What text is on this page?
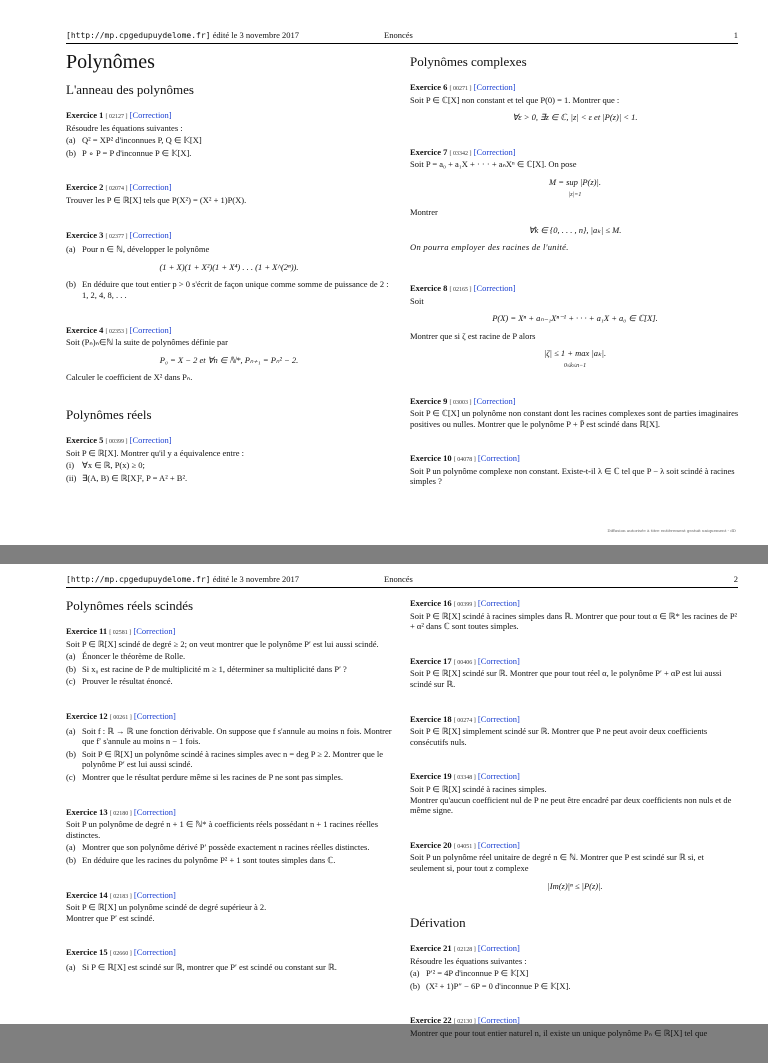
[http://mp.cpgedupuydelome.fr] édité le 3 novembre 2017	Enoncés	1
Polynômes
L'anneau des polynômes
Exercice 1 [ 02127 ] [Correction]
Résoudre les équations suivantes :
(a) Q² = XP² d'inconnues P, Q ∈ 𝕂[X]
(b) P ∘ P = P d'inconnue P ∈ 𝕂[X].
Exercice 2 [ 02074 ] [Correction]
Trouver les P ∈ ℝ[X] tels que P(X²) = (X² + 1)P(X).
Exercice 3 [ 02377 ] [Correction]
(a) Pour n ∈ ℕ, développer le polynôme
(1 + X)(1 + X²)(1 + X⁴) . . . (1 + X^(2ⁿ)).
(b) En déduire que tout entier p > 0 s'écrit de façon unique comme somme de puissance de 2 : 1, 2, 4, 8, . . .
Exercice 4 [ 02353 ] [Correction]
Soit (Pₙ)ₙ∈ℕ la suite de polynômes définie par
P₀ = X − 2 et ∀n ∈ ℕ*, Pₙ₊₁ = Pₙ² − 2.
Calculer le coefficient de X² dans Pₙ.
Polynômes réels
Exercice 5 [ 00399 ] [Correction]
Soit P ∈ ℝ[X]. Montrer qu'il y a équivalence entre :
(i) ∀x ∈ ℝ, P(x) ≥ 0;
(ii) ∃(A, B) ∈ ℝ[X]², P = A² + B².
Polynômes complexes
Exercice 6 [ 00271 ] [Correction]
Soit P ∈ ℂ[X] non constant et tel que P(0) = 1. Montrer que :
∀ε > 0, ∃z ∈ ℂ, |z| < ε et |P(z)| < 1.
Exercice 7 [ 03342 ] [Correction]
Soit P = a₀ + a₁X + · · · + aₙXⁿ ∈ ℂ[X]. On pose
M = sup |P(z)|.
|z|=1
Montrer
∀k ∈ {0, . . . , n}, |aₖ| ≤ M.
On pourra employer des racines de l'unité.
Exercice 8 [ 02165 ] [Correction]
Soit
P(X) = Xⁿ + aₙ₋₁Xⁿ⁻¹ + · · · + a₁X + a₀ ∈ ℂ[X].
Montrer que si ζ est racine de P alors
|ζ| ≤ 1 + max |aₖ|.
0≤k≤n−1
Exercice 9 [ 03003 ] [Correction]
Soit P ∈ ℂ[X] un polynôme non constant dont les racines complexes sont de parties imaginaires positives ou nulles. Montrer que le polynôme P + P̄ est scindé dans ℝ[X].
Exercice 10 [ 04078 ] [Correction]
Soit P un polynôme complexe non constant. Existe-t-il λ ∈ ℂ tel que P − λ soit scindé à racines simples ?
Diffusion autorisée à titre entièrement gratuit uniquement - dD
[http://mp.cpgedupuydelome.fr] édité le 3 novembre 2017	Enoncés	2
Polynômes réels scindés
Exercice 11 [ 02581 ] [Correction]
Soit P ∈ ℝ[X] scindé de degré ≥ 2; on veut montrer que le polynôme P′ est lui aussi scindé.
(a) Énoncer le théorème de Rolle.
(b) Si x₀ est racine de P de multiplicité m ≥ 1, déterminer sa multiplicité dans P′ ?
(c) Prouver le résultat énoncé.
Exercice 12 [ 00261 ] [Correction]
(a) Soit f : ℝ → ℝ une fonction dérivable. On suppose que f s'annule au moins n fois. Montrer que f′ s'annule au moins n − 1 fois.
(b) Soit P ∈ ℝ[X] un polynôme scindé à racines simples avec n = deg P ≥ 2. Montrer que le polynôme P′ est lui aussi scindé.
(c) Montrer que le résultat perdure même si les racines de P ne sont pas simples.
Exercice 13 [ 02180 ] [Correction]
Soit P un polynôme de degré n + 1 ∈ ℕ* à coefficients réels possédant n + 1 racines réelles distinctes.
(a) Montrer que son polynôme dérivé P′ possède exactement n racines réelles distinctes.
(b) En déduire que les racines du polynôme P² + 1 sont toutes simples dans ℂ.
Exercice 14 [ 02183 ] [Correction]
Soit P ∈ ℝ[X] un polynôme scindé de degré supérieur à 2.
Montrer que P′ est scindé.
Exercice 15 [ 02660 ] [Correction]
(a) Si P ∈ ℝ[X] est scindé sur ℝ, montrer que P′ est scindé ou constant sur ℝ.
Exercice 16 [ 00399 ] [Correction]
Soit P ∈ ℝ[X] scindé à racines simples dans ℝ. Montrer que pour tout α ∈ ℝ* les racines de P² + α² dans ℂ sont toutes simples.
Exercice 17 [ 00406 ] [Correction]
Soit P ∈ ℝ[X] scindé sur ℝ. Montrer que pour tout réel α, le polynôme P′ + αP est lui aussi scindé sur ℝ.
Exercice 18 [ 00274 ] [Correction]
Soit P ∈ ℝ[X] simplement scindé sur ℝ. Montrer que P ne peut avoir deux coefficients consécutifs nuls.
Exercice 19 [ 03348 ] [Correction]
Soit P ∈ ℝ[X] scindé à racines simples.
Montrer qu'aucun coefficient nul de P ne peut être encadré par deux coefficients non nuls et de même signe.
Exercice 20 [ 04051 ] [Correction]
Soit P un polynôme réel unitaire de degré n ∈ ℕ. Montrer que P est scindé sur ℝ si, et seulement si, pour tout z complexe
|Im(z)|ⁿ ≤ |P(z)|.
Dérivation
Exercice 21 [ 02128 ] [Correction]
Résoudre les équations suivantes :
(a) P′² = 4P d'inconnue P ∈ 𝕂[X]
(b) (X² + 1)P″ − 6P = 0 d'inconnue P ∈ 𝕂[X].
Exercice 22 [ 02130 ] [Correction]
Montrer que pour tout entier naturel n, il existe un unique polynôme Pₙ ∈ ℝ[X] tel que
